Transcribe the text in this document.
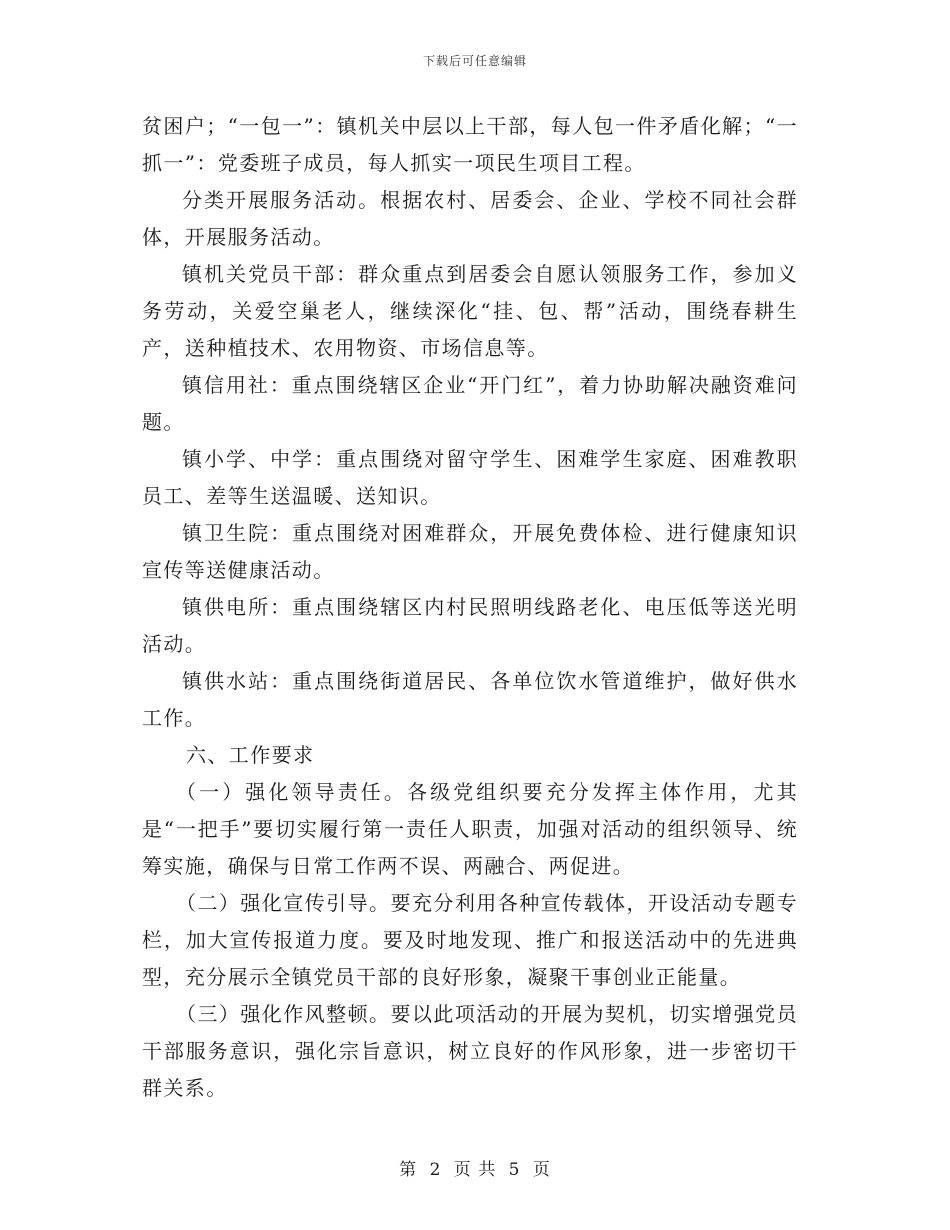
下载后可任意编辑

贫困户；“一包一”：镇机关中层以上干部，每人包一件矛盾化解；“一抓一”：党委班子成员，每人抓实一项民生项目工程。

分类开展服务活动。根据农村、居委会、企业、学校不同社会群体，开展服务活动。

镇机关党员干部：群众重点到居委会自愿认领服务工作，参加义务劳动，关爱空巢老人，继续深化“挂、包、帮”活动，围绕春耕生产，送种植技术、农用物资、市场信息等。

镇信用社：重点围绕辖区企业“开门红”，着力协助解决融资难问题。

镇小学、中学：重点围绕对留守学生、困难学生家庭、困难教职员工、差等生送温暖、送知识。

镇卫生院：重点围绕对困难群众，开展免费体检、进行健康知识宣传等送健康活动。

镇供电所：重点围绕辖区内村民照明线路老化、电压低等送光明活动。

镇供水站：重点围绕街道居民、各单位饮水管道维护，做好供水工作。

六、工作要求

（一）强化领导责任。各级党组织要充分发挥主体作用，尤其是“一把手”要切实履行第一责任人职责，加强对活动的组织领导、统筹实施，确保与日常工作两不误、两融合、两促进。

（二）强化宣传引导。要充分利用各种宣传载体，开设活动专题专栏，加大宣传报道力度。要及时地发现、推广和报送活动中的先进典型，充分展示全镇党员干部的良好形象，凝聚干事创业正能量。

（三）强化作风整顿。要以此项活动的开展为契机，切实增强党员干部服务意识，强化宗旨意识，树立良好的作风形象，进一步密切干群关系。

第 2 页 共 5 页
